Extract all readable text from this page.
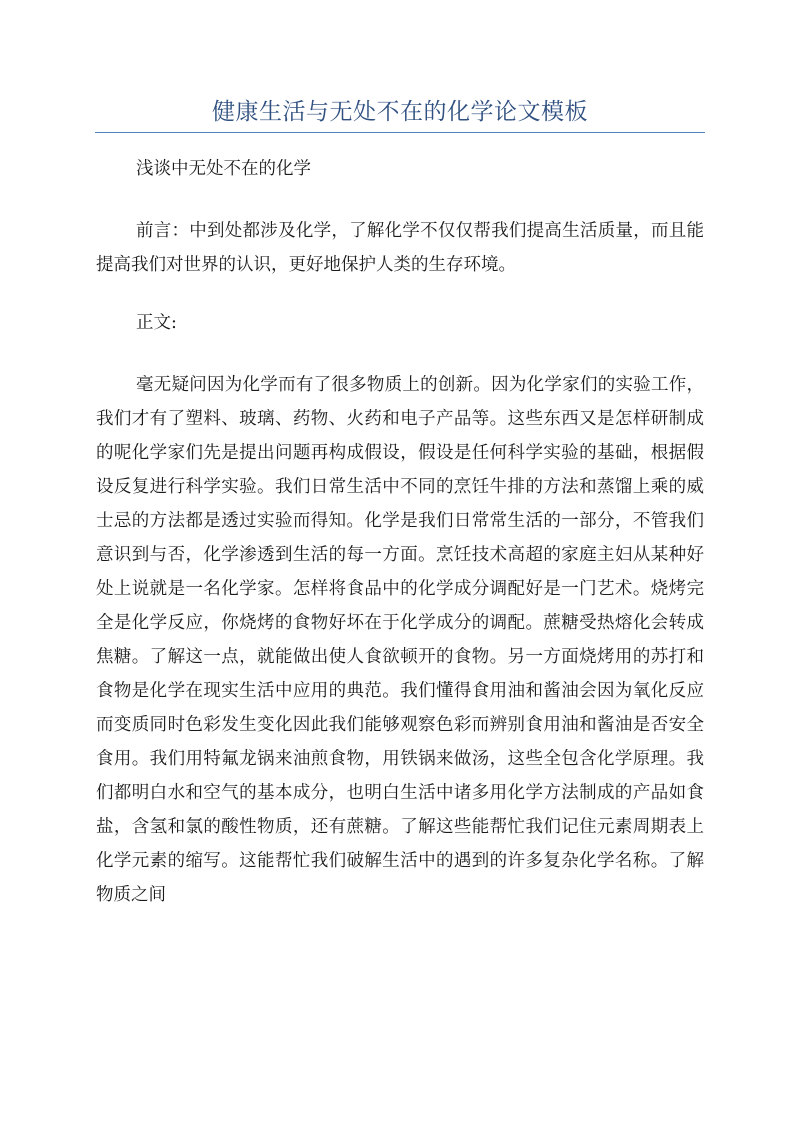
健康生活与无处不在的化学论文模板

浅谈中无处不在的化学

前言：中到处都涉及化学，了解化学不仅仅帮我们提高生活质量，而且能提高我们对世界的认识，更好地保护人类的生存环境。

正文:

毫无疑问因为化学而有了很多物质上的创新。因为化学家们的实验工作，我们才有了塑料、玻璃、药物、火药和电子产品等。这些东西又是怎样研制成的呢化学家们先是提出问题再构成假设，假设是任何科学实验的基础，根据假设反复进行科学实验。我们日常生活中不同的烹饪牛排的方法和蒸馏上乘的威士忌的方法都是透过实验而得知。化学是我们日常常生活的一部分，不管我们意识到与否，化学渗透到生活的每一方面。烹饪技术高超的家庭主妇从某种好处上说就是一名化学家。怎样将食品中的化学成分调配好是一门艺术。烧烤完全是化学反应，你烧烤的食物好坏在于化学成分的调配。蔗糖受热熔化会转成焦糖。了解这一点，就能做出使人食欲顿开的食物。另一方面烧烤用的苏打和食物是化学在现实生活中应用的典范。我们懂得食用油和酱油会因为氧化反应而变质同时色彩发生变化因此我们能够观察色彩而辨别食用油和酱油是否安全食用。我们用特氟龙锅来油煎食物，用铁锅来做汤，这些全包含化学原理。我们都明白水和空气的基本成分，也明白生活中诸多用化学方法制成的产品如食盐，含氢和氯的酸性物质，还有蔗糖。了解这些能帮忙我们记住元素周期表上化学元素的缩写。这能帮忙我们破解生活中的遇到的许多复杂化学名称。了解物质之间
